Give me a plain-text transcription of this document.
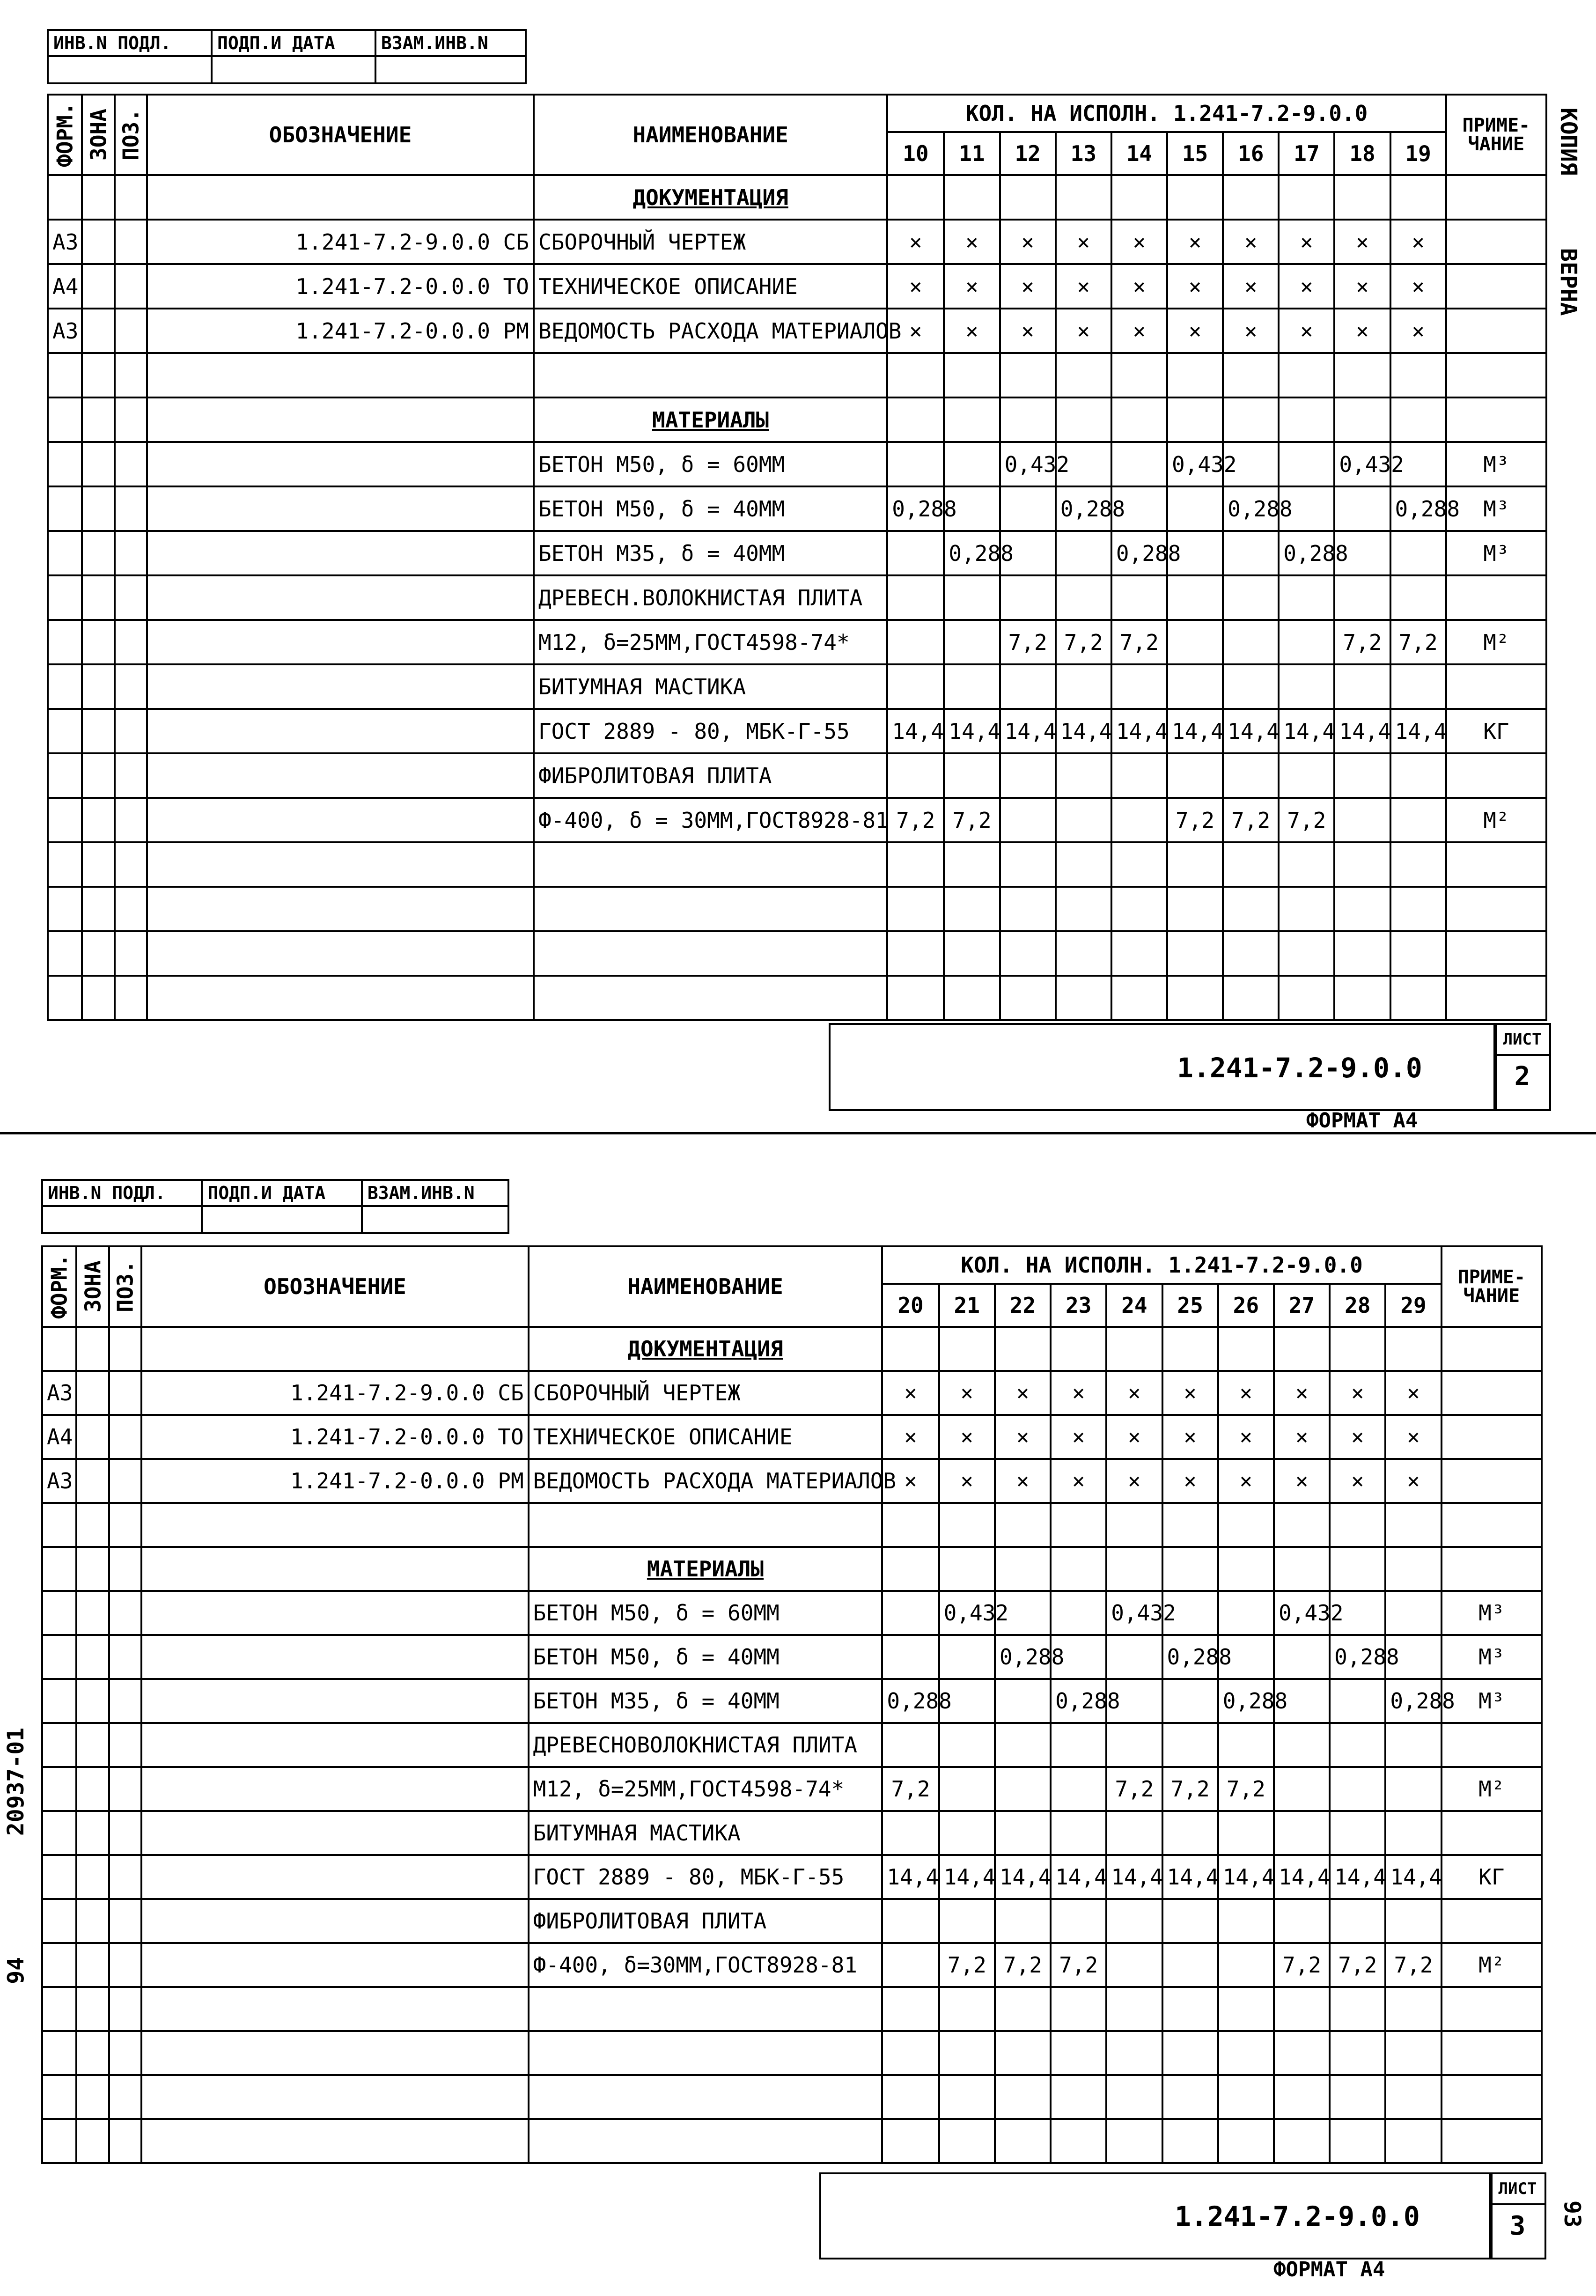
ИНВ.N ПОДЛ.	ПОДП.И ДАТА	ВЗАМ.ИНВ.N

ФОРМ.	ЗОНА	ПОЗ.	ОБОЗНАЧЕНИЕ	НАИМЕНОВАНИЕ	КОЛ. НА ИСПОЛН. 1.241-7.2-9.0.0										ПРИМЕ-ЧАНИЕ
					10	11	12	13	14	15	16	17	18	19	
				ДОКУМЕНТАЦИЯ											
А3			1.241-7.2-9.0.0 СБ	СБОРОЧНЫЙ ЧЕРТЕЖ	×	×	×	×	×	×	×	×	×	×	
А4			1.241-7.2-0.0.0 ТО	ТЕХНИЧЕСКОЕ ОПИСАНИЕ	×	×	×	×	×	×	×	×	×	×	
А3			1.241-7.2-0.0.0 РМ	ВЕДОМОСТЬ РАСХОДА МАТЕРИАЛОВ	×	×	×	×	×	×	×	×	×	×	

				МАТЕРИАЛЫ											
				БЕТОН М50, δ = 60ММ			0,432			0,432			0,432		М³
				БЕТОН М50, δ = 40ММ	0,288			0,288			0,288			0,288	М³
				БЕТОН М35, δ = 40ММ		0,288			0,288			0,288			М³
				ДРЕВЕСН.ВОЛОКНИСТАЯ ПЛИТА											
				М12, δ=25ММ,ГОСТ4598-74*			7,2	7,2	7,2				7,2	7,2	М²
				БИТУМНАЯ МАСТИКА											
				ГОСТ 2889 - 80, МБК-Г-55	14,4	14,4	14,4	14,4	14,4	14,4	14,4	14,4	14,4	14,4	КГ
				ФИБРОЛИТОВАЯ ПЛИТА											
				Ф-400, δ = 30ММ,ГОСТ8928-81	7,2	7,2				7,2	7,2	7,2			М²

ИНВ.N ПОДЛ.	ПОДП.И ДАТА	ВЗАМ.ИНВ.N

ФОРМ.	ЗОНА	ПОЗ.	ОБОЗНАЧЕНИЕ	НАИМЕНОВАНИЕ	КОЛ. НА ИСПОЛН. 1.241-7.2-9.0.0										ПРИМЕ-ЧАНИЕ
					20	21	22	23	24	25	26	27	28	29	
				ДОКУМЕНТАЦИЯ											
А3			1.241-7.2-9.0.0 СБ	СБОРОЧНЫЙ ЧЕРТЕЖ	×	×	×	×	×	×	×	×	×	×	
А4			1.241-7.2-0.0.0 ТО	ТЕХНИЧЕСКОЕ ОПИСАНИЕ	×	×	×	×	×	×	×	×	×	×	
А3			1.241-7.2-0.0.0 РМ	ВЕДОМОСТЬ РАСХОДА МАТЕРИАЛОВ	×	×	×	×	×	×	×	×	×	×	

				МАТЕРИАЛЫ											
				БЕТОН М50, δ = 60ММ		0,432			0,432			0,432			М³
				БЕТОН М50, δ = 40ММ			0,288			0,288			0,288		М³
				БЕТОН М35, δ = 40ММ	0,288			0,288			0,288			0,288	М³
				ДРЕВЕСНОВОЛОКНИСТАЯ ПЛИТА											
				М12, δ=25ММ,ГОСТ4598-74*	7,2				7,2	7,2	7,2				М²
				БИТУМНАЯ МАСТИКА											
				ГОСТ 2889 - 80, МБК-Г-55	14,4	14,4	14,4	14,4	14,4	14,4	14,4	14,4	14,4	14,4	КГ
				ФИБРОЛИТОВАЯ ПЛИТА											
				Ф-400, δ=30ММ,ГОСТ8928-81		7,2	7,2	7,2				7,2	7,2	7,2	М²

1.241-7.2-9.0.0
ЛИСТ
2
ФОРМАТ А4
1.241-7.2-9.0.0
ЛИСТ
3
ФОРМАТ А4
КОПИЯ
ВЕРНА
20937-01
94
93
